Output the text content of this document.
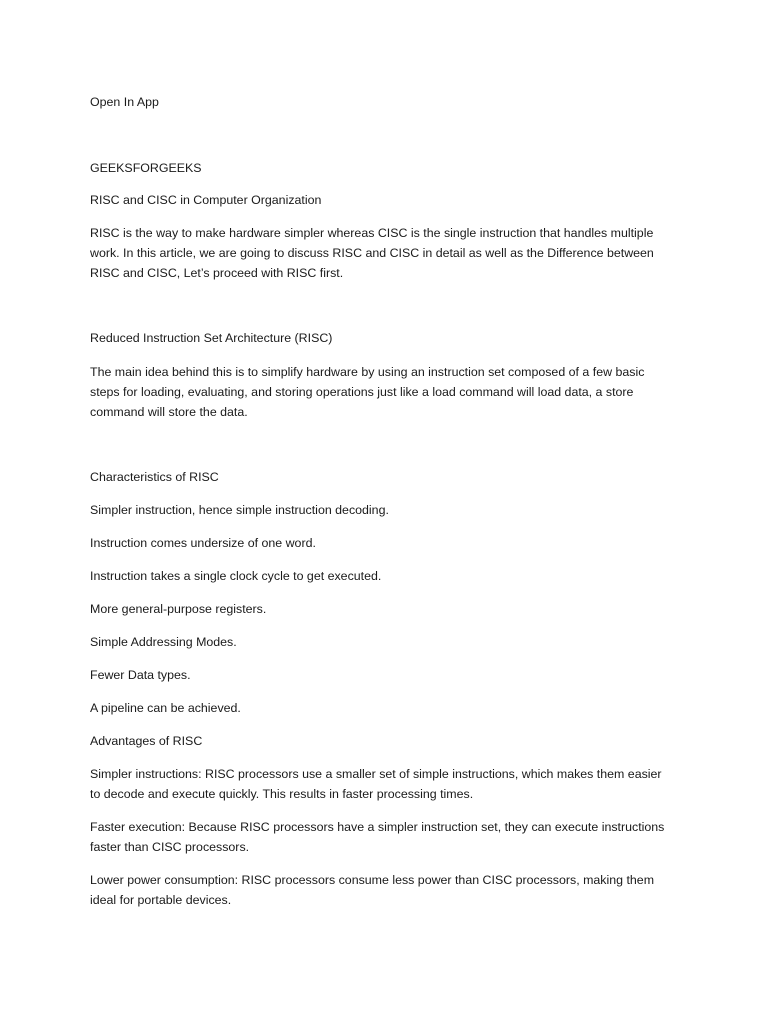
Open In App

GEEKSFORGEEKS

RISC and CISC in Computer Organization

RISC is the way to make hardware simpler whereas CISC is the single instruction that handles multiple work. In this article, we are going to discuss RISC and CISC in detail as well as the Difference between RISC and CISC, Let’s proceed with RISC first.

Reduced Instruction Set Architecture (RISC)

The main idea behind this is to simplify hardware by using an instruction set composed of a few basic steps for loading, evaluating, and storing operations just like a load command will load data, a store command will store the data.

Characteristics of RISC

Simpler instruction, hence simple instruction decoding.

Instruction comes undersize of one word.

Instruction takes a single clock cycle to get executed.

More general-purpose registers.

Simple Addressing Modes.

Fewer Data types.

A pipeline can be achieved.

Advantages of RISC

Simpler instructions: RISC processors use a smaller set of simple instructions, which makes them easier to decode and execute quickly. This results in faster processing times.

Faster execution: Because RISC processors have a simpler instruction set, they can execute instructions faster than CISC processors.

Lower power consumption: RISC processors consume less power than CISC processors, making them ideal for portable devices.
